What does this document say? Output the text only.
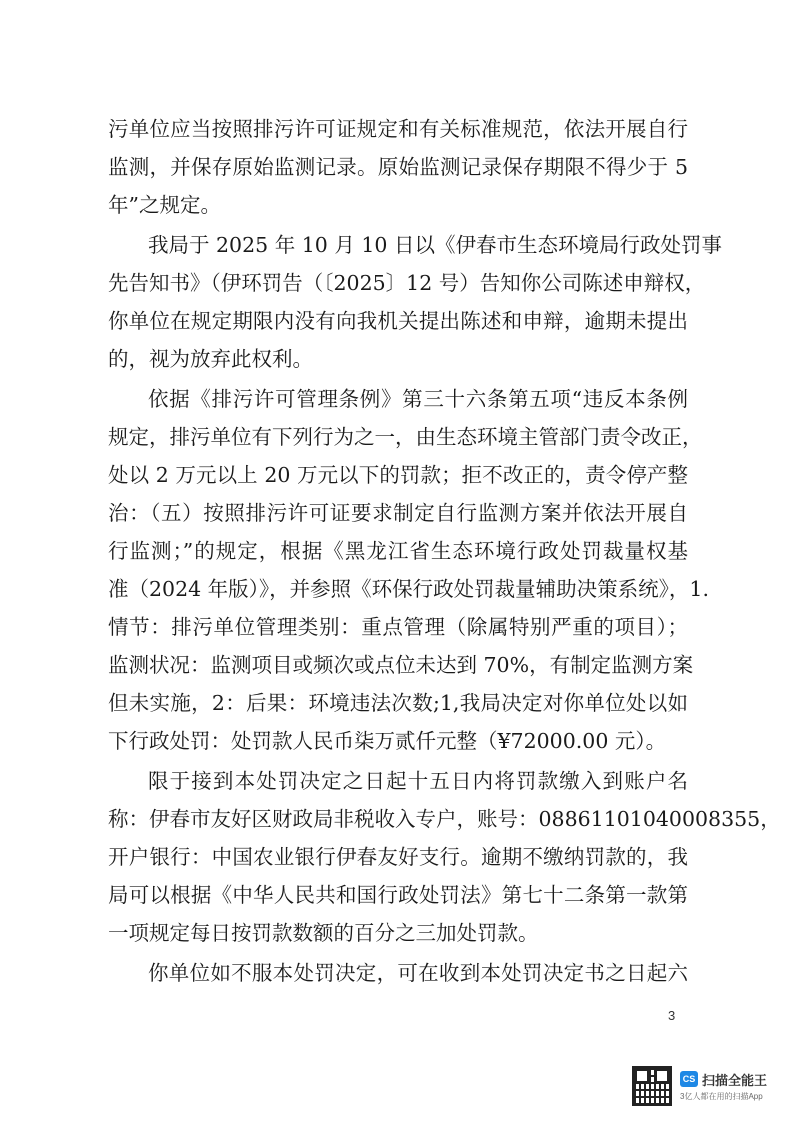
污单位应当按照排污许可证规定和有关标准规范，依法开展自行
监测，并保存原始监测记录。原始监测记录保存期限不得少于 5
年”之规定。
我局于 2025 年 10 月 10 日以《伊春市生态环境局行政处罚事
先告知书》（伊环罚告（〔2025〕12 号）告知你公司陈述申辩权，
你单位在规定期限内没有向我机关提出陈述和申辩，逾期未提出
的，视为放弃此权利。
依据《排污许可管理条例》第三十六条第五项“违反本条例
规定，排污单位有下列行为之一，由生态环境主管部门责令改正，
处以 2 万元以上 20 万元以下的罚款；拒不改正的，责令停产整
治：（五）按照排污许可证要求制定自行监测方案并依法开展自
行监测；”的规定，根据《黑龙江省生态环境行政处罚裁量权基
准（2024 年版）》，并参照《环保行政处罚裁量辅助决策系统》，1.
情节：排污单位管理类别：重点管理（除属特别严重的项目）；
监测状况：监测项目或频次或点位未达到 70%，有制定监测方案
但未实施，2：后果：环境违法次数;1,我局决定对你单位处以如
下行政处罚：处罚款人民币柒万贰仟元整（¥72000.00 元）。
限于接到本处罚决定之日起十五日内将罚款缴入到账户名
称：伊春市友好区财政局非税收入专户，账号：0886110104000835​5，
开户银行：中国农业银行伊春友好支行。逾期不缴纳罚款的，我
局可以根据《中华人民共和国行政处罚法》第七十二条第一款第
一项规定每日按罚款数额的百分之三加处罚款。
你单位如不服本处罚决定，可在收到本处罚决定书之日起六
3
CS 扫描全能王
3亿人都在用的扫描App
